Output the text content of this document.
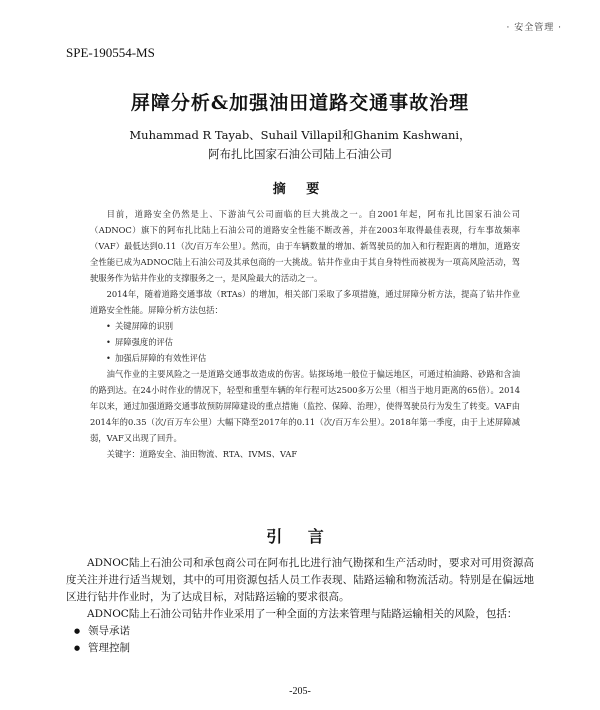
· 安全管理 ·
SPE-190554-MS
屏障分析&加强油田道路交通事故治理
Muhammad R Tayab、Suhail Villapil和Ghanim Kashwani，
阿布扎比国家石油公司陆上石油公司
摘 要

目前，道路安全仍然是上、下游油气公司面临的巨大挑战之一。自2001年起，阿布扎比国家石油公司（ADNOC）旗下的阿布扎比陆上石油公司的道路安全性能不断改善，并在2003年取得最佳表现，行车事故频率（VAF）最低达到0.11（次/百万车公里）。然而，由于车辆数量的增加、新驾驶员的加入和行程距离的增加，道路安全性能已成为ADNOC陆上石油公司及其承包商的一大挑战。钻井作业由于其自身特性而被视为一项高风险活动，驾驶服务作为钻井作业的支撑服务之一，是风险最大的活动之一。

2014年，随着道路交通事故（RTAs）的增加，相关部门采取了多项措施，通过屏障分析方法，提高了钻井作业道路安全性能。屏障分析方法包括：

• 关键屏障的识别
• 屏障强度的评估
• 加强后屏障的有效性评估

油气作业的主要风险之一是道路交通事故造成的伤害。钻探场地一般位于偏远地区，可通过柏油路、砂路和含油的路到达。在24小时作业的情况下，轻型和重型车辆的年行程可达2500多万公里（相当于地月距离的65倍）。2014年以来，通过加强道路交通事故预防屏障建设的重点措施（监控、保障、治理），使得驾驶员行为发生了转变。VAF由2014年的0.35（次/百万车公里）大幅下降至2017年的0.11（次/百万车公里）。2018年第一季度，由于上述屏障减弱，VAF又出现了回升。

关键字：道路安全、油田物流、RTA、IVMS、VAF
引 言

ADNOC陆上石油公司和承包商公司在阿布扎比进行油气勘探和生产活动时，要求对可用资源高度关注并进行适当规划，其中的可用资源包括人员工作表现、陆路运输和物流活动。特别是在偏远地区进行钻井作业时，为了达成目标，对陆路运输的要求很高。

ADNOC陆上石油公司钻井作业采用了一种全面的方法来管理与陆路运输相关的风险，包括：

● 领导承诺
● 管理控制
-205-
